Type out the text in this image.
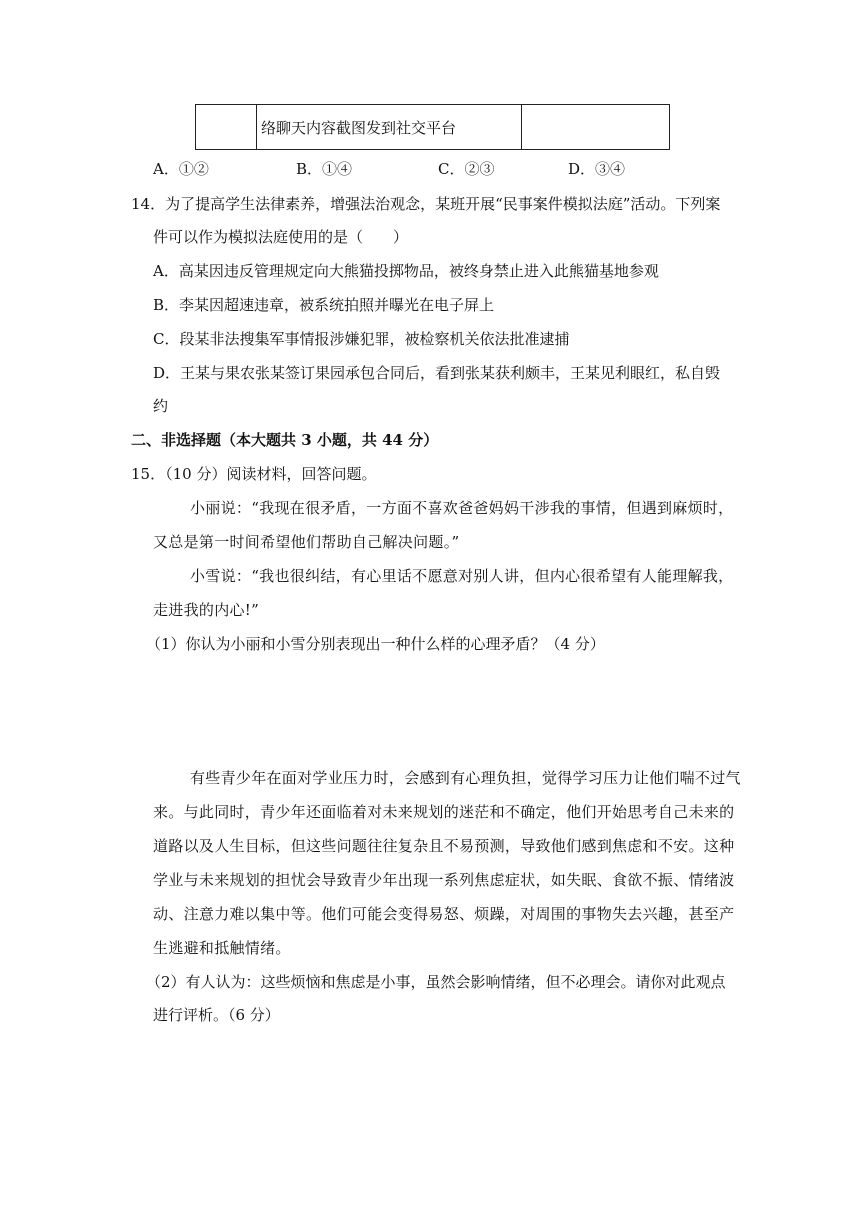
	络聊天内容截图发到社交平台	
A．①②	B．①④	C．②③	D．③④
14．为了提高学生法律素养，增强法治观念，某班开展“民事案件模拟法庭”活动。下列案
件可以作为模拟法庭使用的是（　　）
A．高某因违反管理规定向大熊猫投掷物品，被终身禁止进入此熊猫基地参观
B．李某因超速违章，被系统拍照并曝光在电子屏上
C．段某非法搜集军事情报涉嫌犯罪，被检察机关依法批准逮捕
D．王某与果农张某签订果园承包合同后，看到张某获利颇丰，王某见利眼红，私自毁
约
二、非选择题（本大题共 3 小题，共 44 分）
15．（10 分）阅读材料，回答问题。
小丽说：“我现在很矛盾，一方面不喜欢爸爸妈妈干涉我的事情，但遇到麻烦时，
又总是第一时间希望他们帮助自己解决问题。”
小雪说：“我也很纠结，有心里话不愿意对别人讲，但内心很希望有人能理解我，
走进我的内心!”
（1）你认为小丽和小雪分别表现出一种什么样的心理矛盾？（4 分）
有些青少年在面对学业压力时，会感到有心理负担，觉得学习压力让他们喘不过气
来。与此同时，青少年还面临着对未来规划的迷茫和不确定，他们开始思考自己未来的
道路以及人生目标，但这些问题往往复杂且不易预测，导致他们感到焦虑和不安。这种
学业与未来规划的担忧会导致青少年出现一系列焦虑症状，如失眠、食欲不振、情绪波
动、注意力难以集中等。他们可能会变得易怒、烦躁，对周围的事物失去兴趣，甚至产
生逃避和抵触情绪。
（2）有人认为：这些烦恼和焦虑是小事，虽然会影响情绪，但不必理会。请你对此观点
进行评析。（6 分）
